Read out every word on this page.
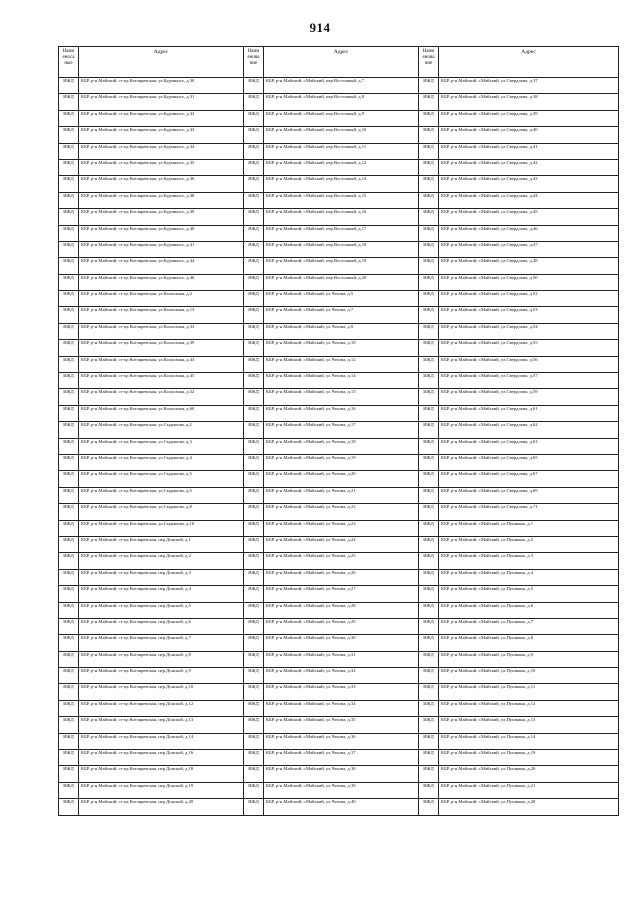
914
Наим еноса ные	Адрес	Наим енова ние	Адрес	Наим енова ние	Адрес
ИЖД	КБР, р-н Майский, ст-ца Котляревская, ул.Буденного, д.30	ИЖД	КБР, р-н Майский, г.Майский, пер.Восточный, д.7	ИЖД	КБР, р-н Майский, г.Майский, ул.Свердлова, д.37
ИЖД	КБР, р-н Майский, ст-ца Котляревская, ул.Буденного, д.31	ИЖД	КБР, р-н Майский, г.Майский, пер.Восточный, д.8	ИЖД	КБР, р-н Майский, г.Майский, ул.Свердлова, д.38
ИЖД	КБР, р-н Майский, ст-ца Котляревская, ул.Буденного, д.32	ИЖД	КБР, р-н Майский, г.Майский, пер.Восточный, д.9	ИЖД	КБР, р-н Майский, г.Майский, ул.Свердлова, д.39
ИЖД	КБР, р-н Майский, ст-ца Котляревская, ул.Буденного, д.33	ИЖД	КБР, р-н Майский, г.Майский, пер.Восточный, д.10	ИЖД	КБР, р-н Майский, г.Майский, ул.Свердлова, д.40
ИЖД	КБР, р-н Майский, ст-ца Котляревская, ул.Буденного, д.34	ИЖД	КБР, р-н Майский, г.Майский, пер.Восточный, д.11	ИЖД	КБР, р-н Майский, г.Майский, ул.Свердлова, д.41
ИЖД	КБР, р-н Майский, ст-ца Котляревская, ул.Буденного, д.35	ИЖД	КБР, р-н Майский, г.Майский, пер.Восточный, д.12	ИЖД	КБР, р-н Майский, г.Майский, ул.Свердлова, д.42
ИЖД	КБР, р-н Майский, ст-ца Котляревская, ул.Буденного, д.36	ИЖД	КБР, р-н Майский, г.Майский, пер.Восточный, д.14	ИЖД	КБР, р-н Майский, г.Майский, ул.Свердлова, д.43
ИЖД	КБР, р-н Майский, ст-ца Котляревская, ул.Буденного, д.38	ИЖД	КБР, р-н Майский, г.Майский, пер.Восточный, д.15	ИЖД	КБР, р-н Майский, г.Майский, ул.Свердлова, д.44
ИЖД	КБР, р-н Майский, ст-ца Котляревская, ул.Буденного, д.39	ИЖД	КБР, р-н Майский, г.Майский, пер.Восточный, д.16	ИЖД	КБР, р-н Майский, г.Майский, ул.Свердлова, д.45
ИЖД	КБР, р-н Майский, ст-ца Котляревская, ул.Буденного, д.40	ИЖД	КБР, р-н Майский, г.Майский, пер.Восточный, д.17	ИЖД	КБР, р-н Майский, г.Майский, ул.Свердлова, д.46
ИЖД	КБР, р-н Майский, ст-ца Котляревская, ул.Буденного, д.41	ИЖД	КБР, р-н Майский, г.Майский, пер.Восточный, д.18	ИЖД	КБР, р-н Майский, г.Майский, ул.Свердлова, д.47
ИЖД	КБР, р-н Майский, ст-ца Котляревская, ул.Буденного, д.44	ИЖД	КБР, р-н Майский, г.Майский, пер.Восточный, д.19	ИЖД	КБР, р-н Майский, г.Майский, ул.Свердлова, д.48
ИЖД	КБР, р-н Майский, ст-ца Котляревская, ул.Буденного, д.46	ИЖД	КБР, р-н Майский, г.Майский, пер.Восточный, д.20	ИЖД	КБР, р-н Майский, г.Майский, ул.Свердлова, д.50
ИЖД	КБР, р-н Майский, ст-ца Котляревская, ул.Колхозная, д.2	ИЖД	КБР, р-н Майский, г.Майский, ул.Чехова, д.5	ИЖД	КБР, р-н Майский, г.Майский, ул.Свердлова, д.52
ИЖД	КБР, р-н Майский, ст-ца Котляревская, ул.Колхозная, д.13	ИЖД	КБР, р-н Майский, г.Майский, ул.Чехова, д.7	ИЖД	КБР, р-н Майский, г.Майский, ул.Свердлова, д.53
ИЖД	КБР, р-н Майский, ст-ца Котляревская, ул.Колхозная, д.33	ИЖД	КБР, р-н Майский, г.Майский, ул.Чехова, д.9	ИЖД	КБР, р-н Майский, г.Майский, ул.Свердлова, д.54
ИЖД	КБР, р-н Майский, ст-ца Котляревская, ул.Колхозная, д.39	ИЖД	КБР, р-н Майский, г.Майский, ул.Чехова, д.10	ИЖД	КБР, р-н Майский, г.Майский, ул.Свердлова, д.55
ИЖД	КБР, р-н Майский, ст-ца Котляревская, ул.Колхозная, д.43	ИЖД	КБР, р-н Майский, г.Майский, ул.Чехова, д.12	ИЖД	КБР, р-н Майский, г.Майский, ул.Свердлова, д.56
ИЖД	КБР, р-н Майский, ст-ца Котляревская, ул.Колхозная, д.45	ИЖД	КБР, р-н Майский, г.Майский, ул.Чехова, д.14	ИЖД	КБР, р-н Майский, г.Майский, ул.Свердлова, д.57
ИЖД	КБР, р-н Майский, ст-ца Котляревская, ул.Колхозная, д.52	ИЖД	КБР, р-н Майский, г.Майский, ул.Чехова, д.15	ИЖД	КБР, р-н Майский, г.Майский, ул.Свердлова, д.59
ИЖД	КБР, р-н Майский, ст-ца Котляревская, ул.Колхозная, д.60	ИЖД	КБР, р-н Майский, г.Майский, ул.Чехова, д.16	ИЖД	КБР, р-н Майский, г.Майский, ул.Свердлова, д.61
ИЖД	КБР, р-н Майский, ст-ца Котляревская, ул.Сыдыкова, д.2	ИЖД	КБР, р-н Майский, г.Майский, ул.Чехова, д.17	ИЖД	КБР, р-н Майский, г.Майский, ул.Свердлова, д.62
ИЖД	КБР, р-н Майский, ст-ца Котляревская, ул.Сыдыкова, д.3	ИЖД	КБР, р-н Майский, г.Майский, ул.Чехова, д.18	ИЖД	КБР, р-н Майский, г.Майский, ул.Свердлова, д.63
ИЖД	КБР, р-н Майский, ст-ца Котляревская, ул.Сыдыкова, д.4	ИЖД	КБР, р-н Майский, г.Майский, ул.Чехова, д.19	ИЖД	КБР, р-н Майский, г.Майский, ул.Свердлова, д.65
ИЖД	КБР, р-н Майский, ст-ца Котляревская, ул.Сыдыкова, д.5	ИЖД	КБР, р-н Майский, г.Майский, ул.Чехова, д.20	ИЖД	КБР, р-н Майский, г.Майский, ул.Свердлова, д.67
ИЖД	КБР, р-н Майский, ст-ца Котляревская, ул.Сыдыкова, д.6	ИЖД	КБР, р-н Майский, г.Майский, ул.Чехова, д.21	ИЖД	КБР, р-н Майский, г.Майский, ул.Свердлова, д.69
ИЖД	КБР, р-н Майский, ст-ца Котляревская, ул.Сыдыкова, д.8	ИЖД	КБР, р-н Майский, г.Майский, ул.Чехова, д.22	ИЖД	КБР, р-н Майский, г.Майский, ул.Свердлова, д.71
ИЖД	КБР, р-н Майский, ст-ца Котляревская, ул.Сыдыкова, д.10	ИЖД	КБР, р-н Майский, г.Майский, ул.Чехова, д.23	ИЖД	КБР, р-н Майский, г.Майский, ул.Пушкина, д.1
ИЖД	КБР, р-н Майский, ст-ца Котляревская, пер.Донской, д.1	ИЖД	КБР, р-н Майский, г.Майский, ул.Чехова, д.24	ИЖД	КБР, р-н Майский, г.Майский, ул.Пушкина, д.2
ИЖД	КБР, р-н Майский, ст-ца Котляревская, пер.Донской, д.2	ИЖД	КБР, р-н Майский, г.Майский, ул.Чехова, д.25	ИЖД	КБР, р-н Майский, г.Майский, ул.Пушкина, д.3
ИЖД	КБР, р-н Майский, ст-ца Котляревская, пер.Донской, д.3	ИЖД	КБР, р-н Майский, г.Майский, ул.Чехова, д.26	ИЖД	КБР, р-н Майский, г.Майский, ул.Пушкина, д.4
ИЖД	КБР, р-н Майский, ст-ца Котляревская, пер.Донской, д.4	ИЖД	КБР, р-н Майский, г.Майский, ул.Чехова, д.27	ИЖД	КБР, р-н Майский, г.Майский, ул.Пушкина, д.5
ИЖД	КБР, р-н Майский, ст-ца Котляревская, пер.Донской, д.5	ИЖД	КБР, р-н Майский, г.Майский, ул.Чехова, д.28	ИЖД	КБР, р-н Майский, г.Майский, ул.Пушкина, д.6
ИЖД	КБР, р-н Майский, ст-ца Котляревская, пер.Донской, д.6	ИЖД	КБР, р-н Майский, г.Майский, ул.Чехова, д.29	ИЖД	КБР, р-н Майский, г.Майский, ул.Пушкина, д.7
ИЖД	КБР, р-н Майский, ст-ца Котляревская, пер.Донской, д.7	ИЖД	КБР, р-н Майский, г.Майский, ул.Чехова, д.30	ИЖД	КБР, р-н Майский, г.Майский, ул.Пушкина, д.8
ИЖД	КБР, р-н Майский, ст-ца Котляревская, пер.Донской, д.8	ИЖД	КБР, р-н Майский, г.Майский, ул.Чехова, д.31	ИЖД	КБР, р-н Майский, г.Майский, ул.Пушкина, д.9
ИЖД	КБР, р-н Майский, ст-ца Котляревская, пер.Донской, д.9	ИЖД	КБР, р-н Майский, г.Майский, ул.Чехова, д.32	ИЖД	КБР, р-н Майский, г.Майский, ул.Пушкина, д.10
ИЖД	КБР, р-н Майский, ст-ца Котляревская, пер.Донской, д.10	ИЖД	КБР, р-н Майский, г.Майский, ул.Чехова, д.33	ИЖД	КБР, р-н Майский, г.Майский, ул.Пушкина, д.11
ИЖД	КБР, р-н Майский, ст-ца Котляревская, пер.Донской, д.12	ИЖД	КБР, р-н Майский, г.Майский, ул.Чехова, д.34	ИЖД	КБР, р-н Майский, г.Майский, ул.Пушкина, д.12
ИЖД	КБР, р-н Майский, ст-ца Котляревская, пер.Донской, д.13	ИЖД	КБР, р-н Майский, г.Майский, ул.Чехова, д.35	ИЖД	КБР, р-н Майский, г.Майский, ул.Пушкина, д.13
ИЖД	КБР, р-н Майский, ст-ца Котляревская, пер.Донской, д.14	ИЖД	КБР, р-н Майский, г.Майский, ул.Чехова, д.36	ИЖД	КБР, р-н Майский, г.Майский, ул.Пушкина, д.14
ИЖД	КБР, р-н Майский, ст-ца Котляревская, пер.Донской, д.16	ИЖД	КБР, р-н Майский, г.Майский, ул.Чехова, д.37	ИЖД	КБР, р-н Майский, г.Майский, ул.Пушкина, д.19
ИЖД	КБР, р-н Майский, ст-ца Котляревская, пер.Донской, д.18	ИЖД	КБР, р-н Майский, г.Майский, ул.Чехова, д.38	ИЖД	КБР, р-н Майский, г.Майский, ул.Пушкина, д.20
ИЖД	КБР, р-н Майский, ст-ца Котляревская, пер.Донской, д.19	ИЖД	КБР, р-н Майский, г.Майский, ул.Чехова, д.39	ИЖД	КБР, р-н Майский, г.Майский, ул.Пушкина, д.21
ИЖД	КБР, р-н Майский, ст-ца Котляревская, пер.Донской, д.20	ИЖД	КБР, р-н Майский, г.Майский, ул.Чехова, д.40	ИЖД	КБР, р-н Майский, г.Майский, ул.Пушкина, д.28
